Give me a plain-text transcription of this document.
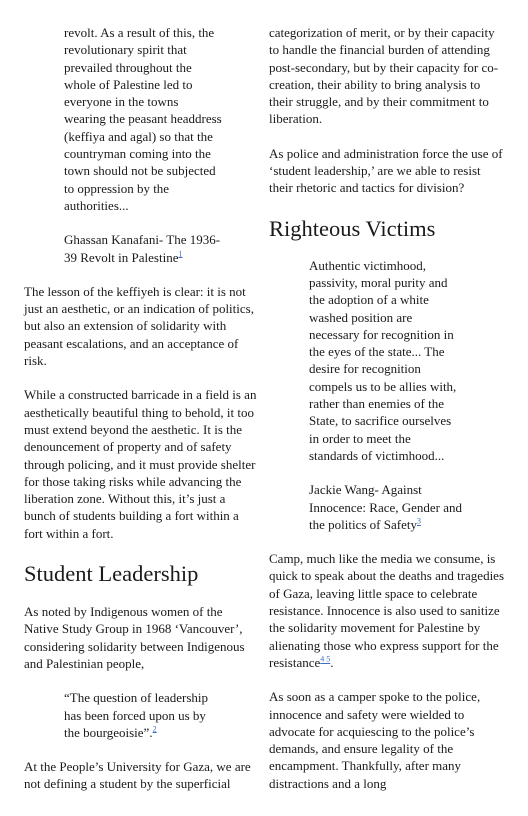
revolt. As a result of this, the revolutionary spirit that prevailed throughout the whole of Palestine led to everyone in the towns wearing the peasant headdress (keffiya and agal) so that the countryman coming into the town should not be subjected to oppression by the authorities...

Ghassan Kanafani- The 1936-39 Revolt in Palestine$^1$

The lesson of the keffiyeh is clear: it is not just an aesthetic, or an indication of politics, but also an extension of solidarity with peasant escalations, and an acceptance of risk.

While a constructed barricade in a field is an aesthetically beautiful thing to behold, it too must extend beyond the aesthetic. It is the denouncement of property and of safety through policing, and it must provide shelter for those taking risks while advancing the liberation zone. Without this, it’s just a bunch of students building a fort within a fort within a fort.

Student Leadership

As noted by Indigenous women of the Native Study Group in 1968 ‘Vancouver’, considering solidarity between Indigenous and Palestinian people,

“The question of leadership has been forced upon us by the bourgeoisie”.$^2$

At the People’s University for Gaza, we are not defining a student by the superficial

categorization of merit, or by their capacity to handle the financial burden of attending post-secondary, but by their capacity for co-creation, their ability to bring analysis to their struggle, and by their commitment to liberation.

As police and administration force the use of ‘student leadership,’ are we able to resist their rhetoric and tactics for division?

Righteous Victims

Authentic victimhood, passivity, moral purity and the adoption of a white washed position are necessary for recognition in the eyes of the state... The desire for recognition compels us to be allies with, rather than enemies of the State, to sacrifice ourselves in order to meet the standards of victimhood...

Jackie Wang- Against Innocence: Race, Gender and the politics of Safety$^3$

Camp, much like the media we consume, is quick to speak about the deaths and tragedies of Gaza, leaving little space to celebrate resistance. Innocence is also used to sanitize the solidarity movement for Palestine by alienating those who express support for the resistance$^{4 5}$.

As soon as a camper spoke to the police, innocence and safety were wielded to advocate for acquiescing to the police’s demands, and ensure legality of the encampment. Thankfully, after many distractions and a long
